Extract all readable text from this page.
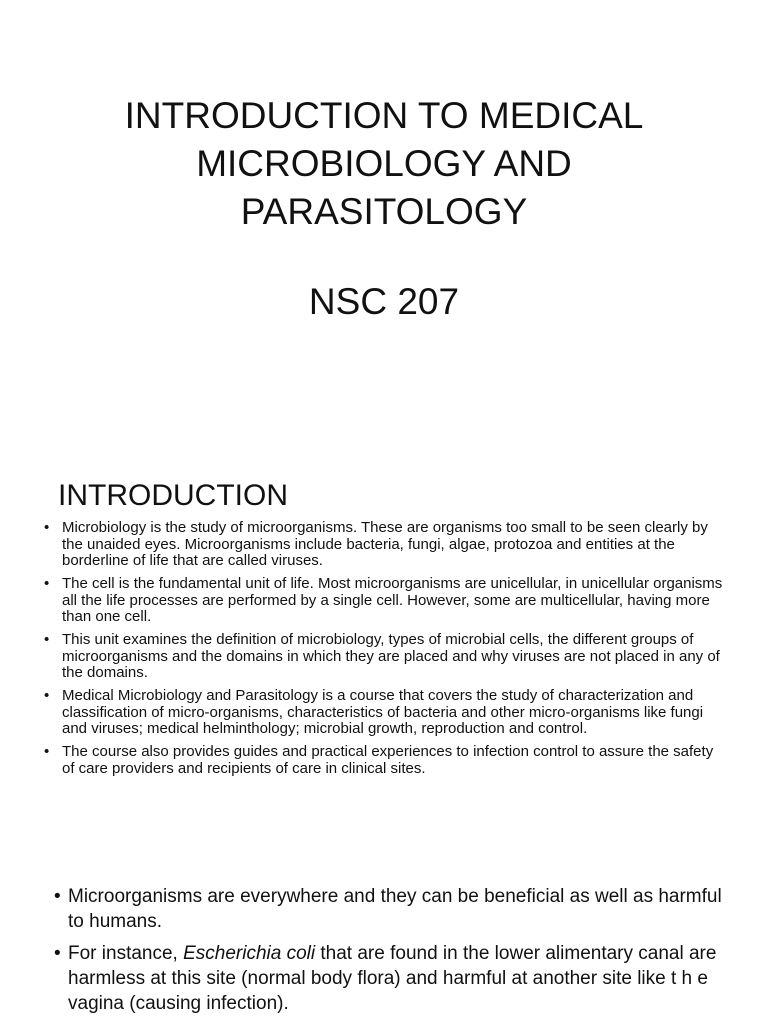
INTRODUCTION TO MEDICAL
MICROBIOLOGY AND
PARASITOLOGY
NSC 207
INTRODUCTION
• Microbiology is the study of microorganisms. These are organisms too small to be seen clearly by the unaided eyes. Microorganisms include bacteria, fungi, algae, protozoa and entities at the borderline of life that are called viruses.
• The cell is the fundamental unit of life. Most microorganisms are unicellular, in unicellular organisms all the life processes are performed by a single cell. However, some are multicellular, having more than one cell.
• This unit examines the definition of microbiology, types of microbial cells, the different groups of microorganisms and the domains in which they are placed and why viruses are not placed in any of the domains.
• Medical Microbiology and Parasitology is a course that covers the study of characterization and classification of micro-organisms, characteristics of bacteria and other micro-organisms like fungi and viruses; medical helminthology; microbial growth, reproduction and control.
• The course also provides guides and practical experiences to infection control to assure the safety of care providers and recipients of care in clinical sites.
• Microorganisms are everywhere and they can be beneficial as well as harmful to humans.
• For instance, Escherichia coli that are found in the lower alimentary canal are harmless at this site (normal body flora) and harmful at another site like t h e vagina (causing infection).
